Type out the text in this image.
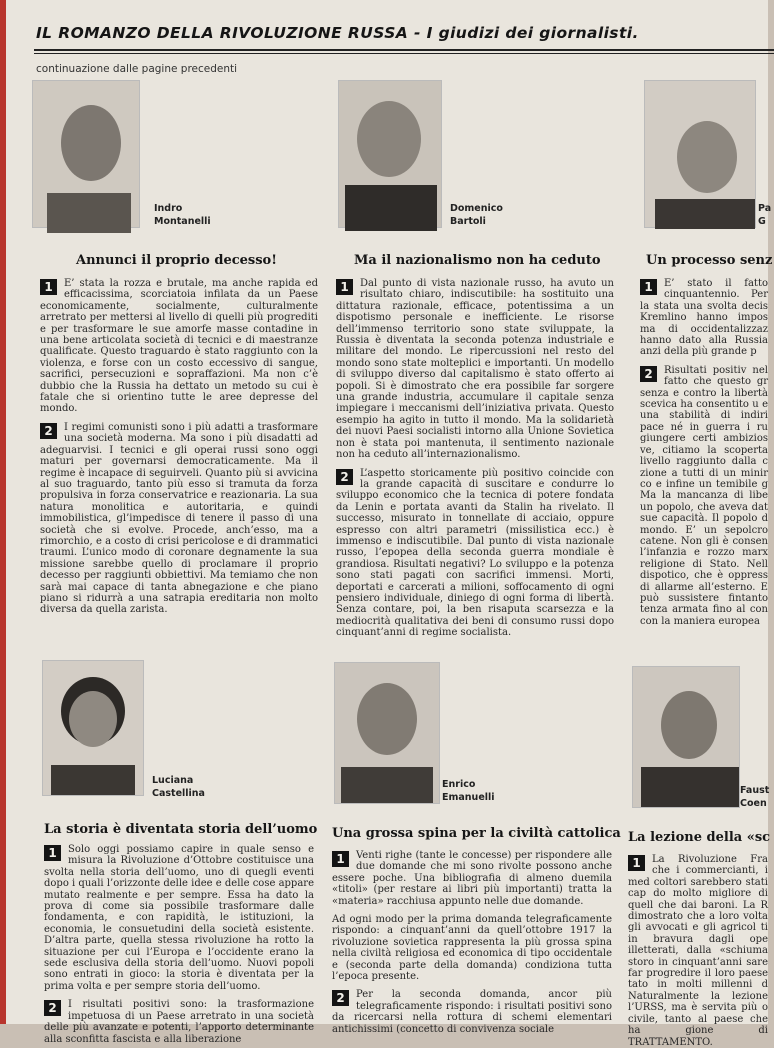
IL ROMANZO DELLA RIVOLUZIONE RUSSA - I giudizi dei giornalisti.
continuazione dalle pagine precedenti
Indro
Montanelli
Domenico
Bartoli
Pa
G
Annunci il proprio decesso!	Ma il nazionalismo non ha ceduto	Un processo senz

1	E’ stata la rozza e brutale, ma anche rapida ed efficacissima, scorciatoia infilata da un Paese economicamente, socialmente, culturalmente arretrato per mettersi al livello di quelli più progrediti e per trasformare le sue amorfe masse contadine in una bene articolata società di tecnici e di maestranze qualificate. Questo traguardo è stato raggiunto con la violenza, e forse con un costo eccessivo di sangue, sacrifici, persecuzioni e sopraffazioni. Ma non c’è dubbio che la Russia ha dettato un metodo su cui è fatale che si orientino tutte le aree depresse del mondo.

2	I regimi comunisti sono i più adatti a trasformare una società moderna. Ma sono i più disadatti ad adeguarvisi. I tecnici e gli operai russi sono oggi maturi per governarsi democraticamente. Ma il regime è incapace di seguirveli. Quanto più si avvicina al suo traguardo, tanto più esso si tramuta da forza propulsiva in forza conservatrice e reazionaria. La sua natura monolitica e autoritaria, e quindi immobilistica, gl’impedisce di tenere il passo di una società che si evolve. Procede, anch’esso, ma a rimorchio, e a costo di crisi pericolose e di drammatici traumi. L’unico modo di coronare degnamente la sua missione sarebbe quello di proclamare il proprio decesso per raggiunti obbiettivi. Ma temiamo che non sarà mai capace di tanta abnegazione e che piano piano si ridurrà a una satrapia ereditaria non molto diversa da quella zarista.

1	Dal punto di vista nazionale russo, ha avuto un risultato chiaro, indiscutibile: ha sostituito una dittatura razionale, efficace, potentissima a un dispotismo personale e inefficiente. Le risorse dell’immenso territorio sono state sviluppate, la Russia è diventata la seconda potenza industriale e militare del mondo. Le ripercussioni nel resto del mondo sono state molteplici e importanti. Un modello di sviluppo diverso dal capitalismo è stato offerto ai popoli. Si è dimostrato che era possibile far sorgere una grande industria, accumulare il capitale senza impiegare i meccanismi dell’iniziativa privata. Questo esempio ha agito in tutto il mondo. Ma la solidarietà dei nuovi Paesi socialisti intorno alla Unione Sovietica non è stata poi mantenuta, il sentimento nazionale non ha ceduto all’internazionalismo.

2	L’aspetto storicamente più positivo coincide con la grande capacità di suscitare e condurre lo sviluppo economico che la tecnica di potere fondata da Lenin e portata avanti da Stalin ha rivelato. Il successo, misurato in tonnellate di acciaio, oppure espresso con altri parametri (missilistica ecc.) è immenso e indiscutibile. Dal punto di vista nazionale russo, l’epopea della seconda guerra mondiale è grandiosa. Risultati negativi? Lo sviluppo e la potenza sono stati pagati con sacrifici immensi. Morti, deportati e carcerati a milioni, soffocamento di ogni pensiero individuale, diniego di ogni forma di libertà. Senza contare, poi, la ben risaputa scarsezza e la mediocrità qualitativa dei beni di consumo russi dopo cinquant’anni di regime socialista.

1	E’ stato il fatto cinquantennio. Per la stata una svolta decis Kremlino hanno impos ma di occidentalizzaz hanno dato alla Russia anzi della più grande p

2	Risultati positiv nel fatto che questo gr senza e contro la libertà scevica ha consentito u e una stabilità di indiri pace né in guerra i ru giungere certi ambizios ve, citiamo la scoperta livello raggiunto dalla c zione a tutti di un minir co e infine un temibile g Ma la mancanza di libe un popolo, che aveva dat sue capacità. Il popolo d mondo. E’ un sepolcro catene. Non gli è consen l’infanzia e rozzo marx religione di Stato. Nell dispotico, che è oppress di allarme all’esterno. E può sussistere fintanto tenza armata fino al con con la maniera europea

Luciana
Castellina
Enrico
Emanuelli
Faust
Coen
La storia è diventata storia dell’uomo Una grossa spina per la civiltà cattolica La lezione della «sc

1	Solo oggi possiamo capire in quale senso e misura la Rivoluzione d’Ottobre costituisce una svolta nella storia dell’uomo, uno di quegli eventi dopo i quali l’orizzonte delle idee e delle cose appare mutato realmente e per sempre. Essa ha dato la prova di come sia possibile trasformare dalle fondamenta, e con rapidità, le istituzioni, la economia, le consuetudini della società esistente. D’altra parte, quella stessa rivoluzione ha rotto la situazione per cui l’Europa e l’occidente erano la sede esclusiva della storia dell’uomo. Nuovi popoli sono entrati in gioco: la storia è diventata per la prima volta e per sempre storia dell’uomo.

2	I risultati positivi sono: la trasformazione impetuosa di un Paese arretrato in una società delle più avanzate e potenti, l’apporto determinante alla sconfitta fascista e alla liberazione

1	Venti righe (tante le concesse) per rispondere alle due domande che mi sono rivolte possono anche essere poche. Una bibliografia di almeno duemila «titoli» (per restare ai libri più importanti) tratta la «materia» racchiusa appunto nelle due domande.

Ad ogni modo per la prima domanda telegraficamente rispondo: a cinquant’anni da quell’ottobre 1917 la rivoluzione sovietica rappresenta la più grossa spina nella civiltà religiosa ed economica di tipo occidentale e (seconda parte della domanda) condiziona tutta l’epoca presente.

2	Per la seconda domanda, ancor più telegraficamente rispondo: i risultati positivi sono da ricercarsi nella rottura di schemi elementari antichissimi (concetto di convivenza sociale

1	La Rivoluzione Fra che i commercianti, i med coltori sarebbero stati cap do molto migliore di quell che dai baroni. La R dimostrato che a loro volta gli avvocati e gli agricol ti in bravura dagli ope illetterati, dalla «schiuma storo in cinquant’anni sare far progredire il loro paese tato in molti millenni d Naturalmente la lezione l’URSS, ma è servita più o civile, tanto al paese che ha gione di TRATTAMENTO.
